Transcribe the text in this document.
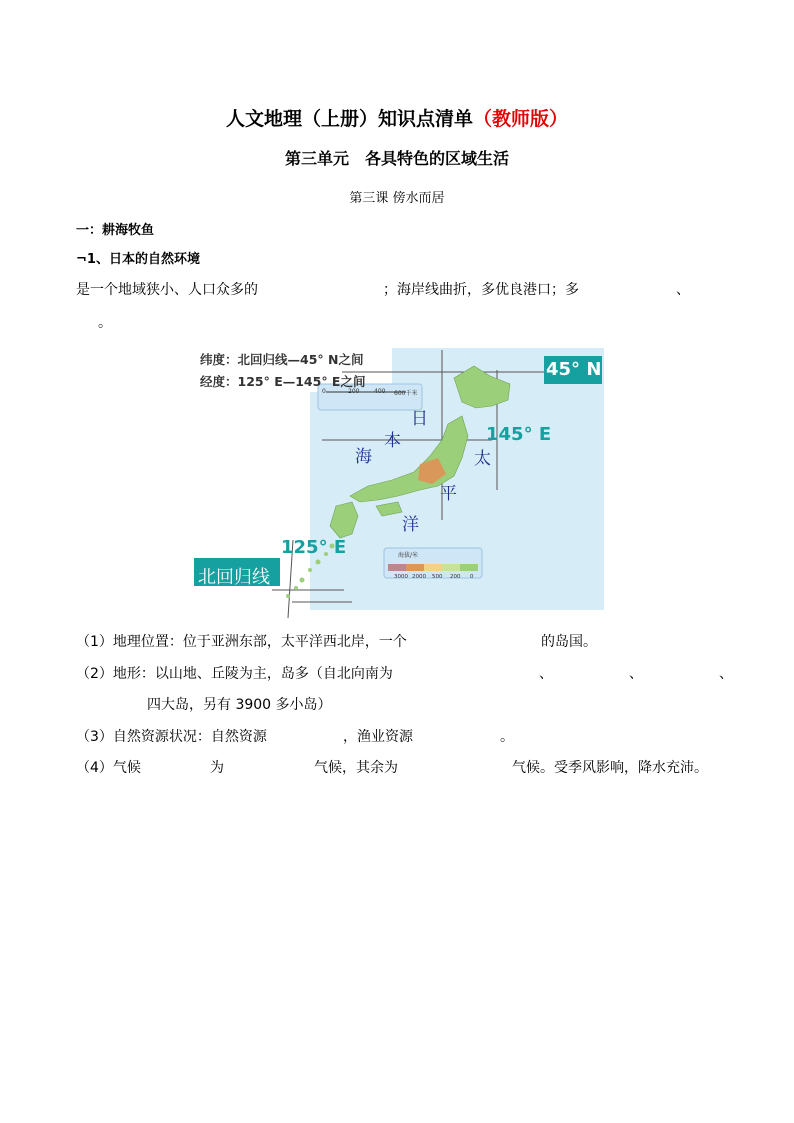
人文地理（上册）知识点清单（教师版）
第三单元　各具特色的区域生活
第三课 傍水而居
一：耕海牧鱼
¬1、日本的自然环境
是一个地域狭小、人口众多的	；海岸线曲折，多优良港口；多	、
。
纬度：北回归线—45° N之间
经度：125° E—145° E之间
0	200 400 600千米
45° N
145° E
125° E
北回归线
日
本
海	太
平
洋
海拔/米
3000 2000 500 200 0
（1）地理位置：位于亚洲东部，太平洋西北岸，一个	的岛国。
（2）地形：以山地、丘陵为主，岛多（自北向南为	、	、	、
四大岛，另有 3900 多小岛）
（3）自然资源状况：自然资源	，渔业资源	。
（4）气候	为	气候，其余为	气候。受季风影响，降水充沛。
